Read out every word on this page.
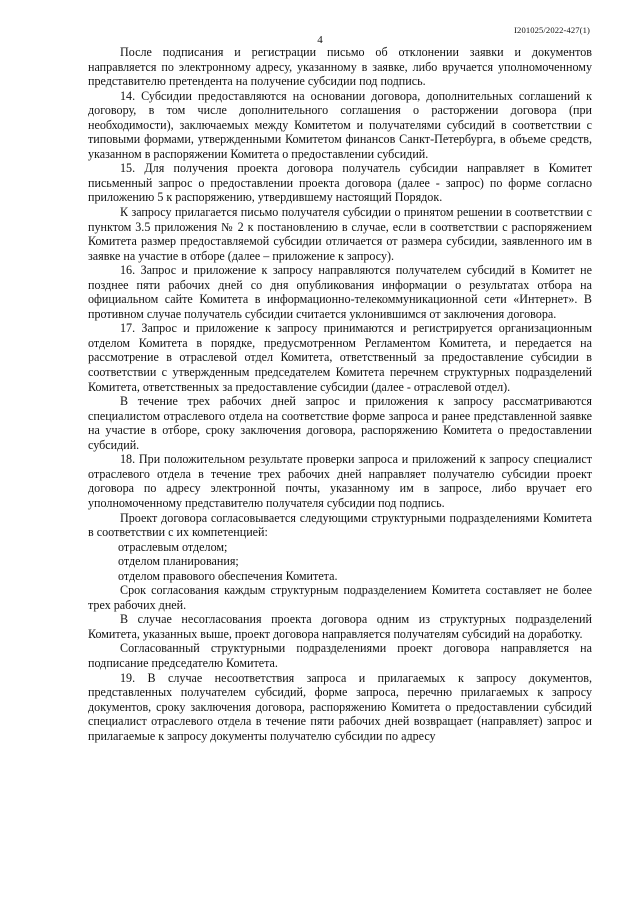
I201025/2022-427(1)
4

После подписания и регистрации письмо об отклонении заявки и документов направляется по электронному адресу, указанному в заявке, либо вручается уполномоченному представителю претендента на получение субсидии под подпись.

14. Субсидии предоставляются на основании договора, дополнительных соглашений к договору, в том числе дополнительного соглашения о расторжении договора (при необходимости), заключаемых между Комитетом и получателями субсидий в соответствии с типовыми формами, утвержденными Комитетом финансов Санкт-Петербурга, в объеме средств, указанном в распоряжении Комитета о предоставлении субсидий.

15. Для получения проекта договора получатель субсидии направляет в Комитет письменный запрос о предоставлении проекта договора (далее - запрос) по форме согласно приложению 5 к распоряжению, утвердившему настоящий Порядок.

К запросу прилагается письмо получателя субсидии о принятом решении в соответствии с пунктом 3.5 приложения № 2 к постановлению в случае, если в соответствии с распоряжением Комитета размер предоставляемой субсидии отличается от размера субсидии, заявленного им в заявке на участие в отборе (далее – приложение к запросу).

16. Запрос и приложение к запросу направляются получателем субсидий в Комитет не позднее пяти рабочих дней со дня опубликования информации о результатах отбора на официальном сайте Комитета в информационно-телекоммуникационной сети «Интернет». В противном случае получатель субсидии считается уклонившимся от заключения договора.

17. Запрос и приложение к запросу принимаются и регистрируется организационным отделом Комитета в порядке, предусмотренном Регламентом Комитета, и передается на рассмотрение в отраслевой отдел Комитета, ответственный за предоставление субсидии в соответствии с утвержденным председателем Комитета перечнем структурных подразделений Комитета, ответственных за предоставление субсидии (далее - отраслевой отдел).

В течение трех рабочих дней запрос и приложения к запросу рассматриваются специалистом отраслевого отдела на соответствие форме запроса и ранее представленной заявке на участие в отборе, сроку заключения договора, распоряжению Комитета о предоставлении субсидий.

18. При положительном результате проверки запроса и приложений к запросу специалист отраслевого отдела в течение трех рабочих дней направляет получателю субсидии проект договора по адресу электронной почты, указанному им в запросе, либо вручает его уполномоченному представителю получателя субсидии под подпись.

Проект договора согласовывается следующими структурными подразделениями Комитета в соответствии с их компетенцией:

отраслевым отделом;

отделом планирования;

отделом правового обеспечения Комитета.

Срок согласования каждым структурным подразделением Комитета составляет не более трех рабочих дней.

В случае несогласования проекта договора одним из структурных подразделений Комитета, указанных выше, проект договора направляется получателям субсидий на доработку.

Согласованный структурными подразделениями проект договора направляется на подписание председателю Комитета.

19. В случае несоответствия запроса и прилагаемых к запросу документов, представленных получателем субсидий, форме запроса, перечню прилагаемых к запросу документов, сроку заключения договора, распоряжению Комитета о предоставлении субсидий специалист отраслевого отдела в течение пяти рабочих дней возвращает (направляет) запрос и прилагаемые к запросу документы получателю субсидии по адресу
